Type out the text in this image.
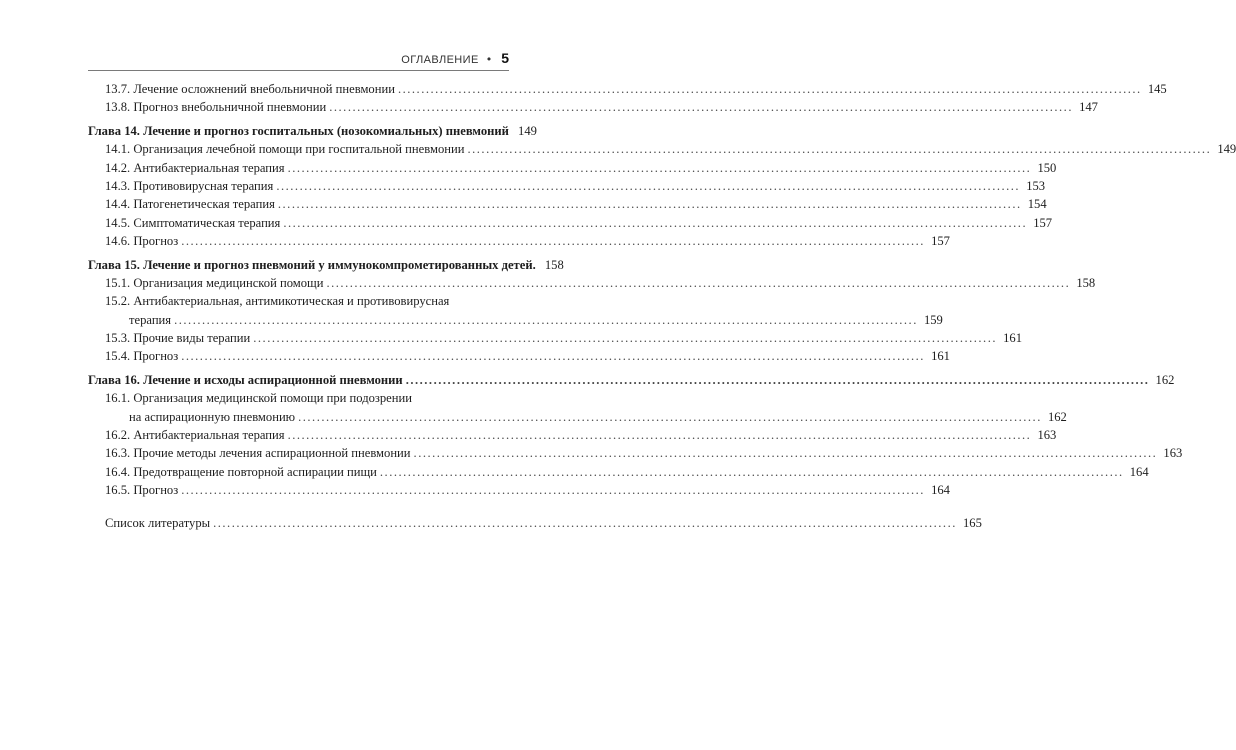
ОГЛАВЛЕНИЕ • 5
13.7. Лечение осложнений внебольничной пневмонии ................................................................................................................................................................ 145
13.8. Прогноз внебольничной пневмонии ................................................................................................................................................................ 147
Глава 14. Лечение и прогноз госпитальных (нозокомиальных) пневмоний 149
14.1. Организация лечебной помощи при госпитальной пневмонии ................................................................................................................................................................ 149
14.2. Антибактериальная терапия ................................................................................................................................................................ 150
14.3. Противовирусная терапия ................................................................................................................................................................ 153
14.4. Патогенетическая терапия ................................................................................................................................................................ 154
14.5. Симптоматическая терапия ................................................................................................................................................................ 157
14.6. Прогноз ................................................................................................................................................................ 157
Глава 15. Лечение и прогноз пневмоний у иммунокомпрометированных детей. 158
15.1. Организация медицинской помощи ................................................................................................................................................................ 158
15.2. Антибактериальная, антимикотическая и противовирусная
терапия ................................................................................................................................................................ 159
15.3. Прочие виды терапии ................................................................................................................................................................ 161
15.4. Прогноз ................................................................................................................................................................ 161
Глава 16. Лечение и исходы аспирационной пневмонии ................................................................................................................................................................ 162
16.1. Организация медицинской помощи при подозрении
на аспирационную пневмонию ................................................................................................................................................................ 162
16.2. Антибактериальная терапия ................................................................................................................................................................ 163
16.3. Прочие методы лечения аспирационной пневмонии ................................................................................................................................................................ 163
16.4. Предотвращение повторной аспирации пищи ................................................................................................................................................................ 164
16.5. Прогноз ................................................................................................................................................................ 164
Список литературы ................................................................................................................................................................ 165
